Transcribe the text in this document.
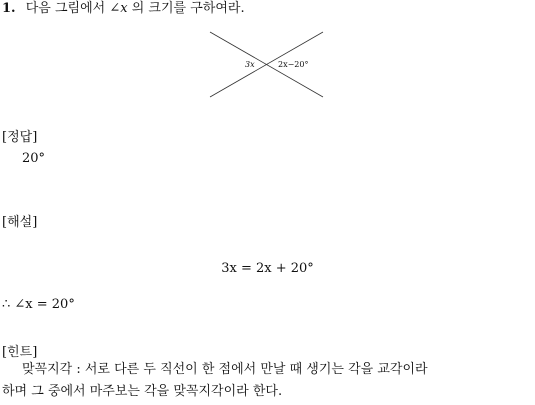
1. 다음 그림에서 ∠x 의 크기를 구하여라.
3x	2x−20°
[정답]
20°
[해설]
3x = 2x + 20°
∴ ∠x = 20°
[힌트]
맞꼭지각 : 서로 다른 두 직선이 한 점에서 만날 때 생기는 각을 교각이라
하며 그 중에서 마주보는 각을 맞꼭지각이라 한다.
